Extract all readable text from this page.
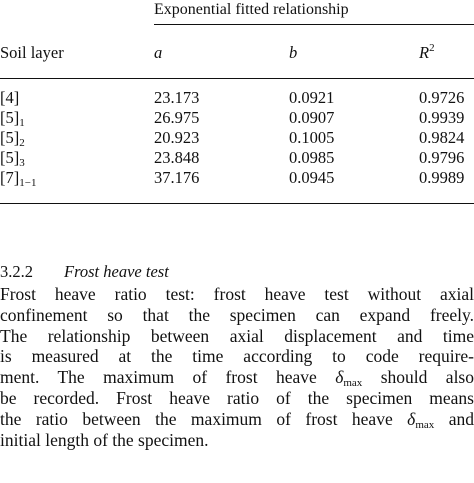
Exponential fitted relationship
Soil layer	a	b	$R^2$
[4]	23.173	0.0921	0.9726
$[5]_1$	26.975	0.0907	0.9939
$[5]_2$	20.923	0.1005	0.9824
$[5]_3$	23.848	0.0985	0.9796
$[7]_{1-1}$	37.176	0.0945	0.9989
3.2.2 Frost heave test
Frost heave ratio test: frost heave test without axial
confinement so that the specimen can expand freely.
The relationship between axial displacement and time
is measured at the time according to code require-
ment. The maximum of frost heave $\delta_{max}$ should also
be recorded. Frost heave ratio of the specimen means
the ratio between the maximum of frost heave $\delta_{max}$ and
initial length of the specimen.
